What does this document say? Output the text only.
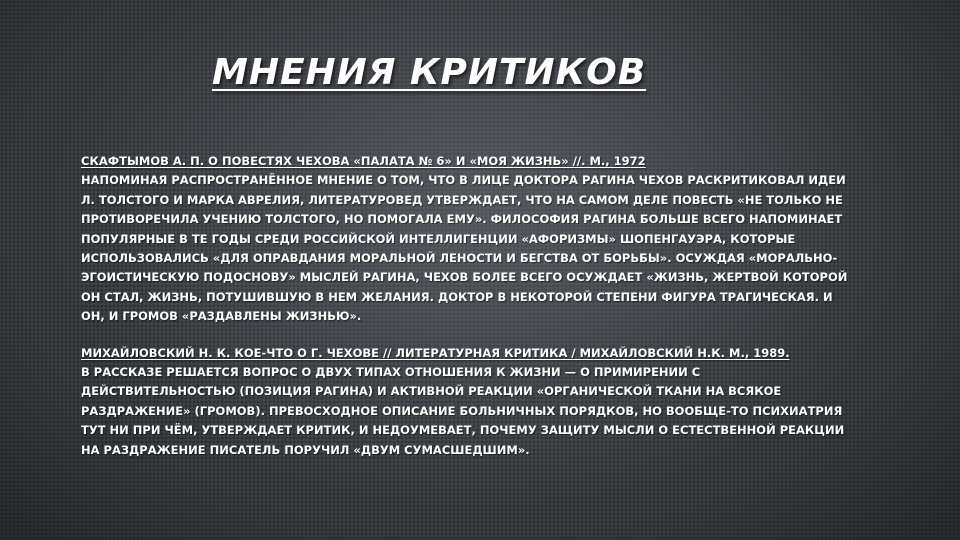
МНЕНИЯ КРИТИКОВ

СКАФТЫМОВ А. П. О ПОВЕСТЯХ ЧЕХОВА «ПАЛАТА № 6» И «МОЯ ЖИЗНЬ» //. М., 1972
НАПОМИНАЯ РАСПРОСТРАНЁННОЕ МНЕНИЕ О ТОМ, ЧТО В ЛИЦЕ ДОКТОРА РАГИНА ЧЕХОВ РАСКРИТИКОВАЛ ИДЕИ Л. ТОЛСТОГО И МАРКА АВРЕЛИЯ, ЛИТЕРАТУРОВЕД УТВЕРЖДАЕТ, ЧТО НА САМОМ ДЕЛЕ ПОВЕСТЬ «НЕ ТОЛЬКО НЕ ПРОТИВОРЕЧИЛА УЧЕНИЮ ТОЛСТОГО, НО ПОМОГАЛА ЕМУ». ФИЛОСОФИЯ РАГИНА БОЛЬШЕ ВСЕГО НАПОМИНАЕТ ПОПУЛЯРНЫЕ В ТЕ ГОДЫ СРЕДИ РОССИЙСКОЙ ИНТЕЛЛИГЕНЦИИ «АФОРИЗМЫ» ШОПЕНГАУЭРА, КОТОРЫЕ ИСПОЛЬЗОВАЛИСЬ «ДЛЯ ОПРАВДАНИЯ МОРАЛЬНОЙ ЛЕНОСТИ И БЕГСТВА ОТ БОРЬБЫ». ОСУЖДАЯ «МОРАЛЬНО-ЭГОИСТИЧЕСКУЮ ПОДОСНОВУ» МЫСЛЕЙ РАГИНА, ЧЕХОВ БОЛЕЕ ВСЕГО ОСУЖДАЕТ «ЖИЗНЬ, ЖЕРТВОЙ КОТОРОЙ ОН СТАЛ, ЖИЗНЬ, ПОТУШИВШУЮ В НЕМ ЖЕЛАНИЯ. ДОКТОР В НЕКОТОРОЙ СТЕПЕНИ ФИГУРА ТРАГИЧЕСКАЯ. И ОН, И ГРОМОВ «РАЗДАВЛЕНЫ ЖИЗНЬЮ».

МИХАЙЛОВСКИЙ Н. К. КОЕ-ЧТО О Г. ЧЕХОВЕ // ЛИТЕРАТУРНАЯ КРИТИКА / МИХАЙЛОВСКИЙ Н.К. М., 1989.
В РАССКАЗЕ РЕШАЕТСЯ ВОПРОС О ДВУХ ТИПАХ ОТНОШЕНИЯ К ЖИЗНИ — О ПРИМИРЕНИИ С ДЕЙСТВИТЕЛЬНОСТЬЮ (ПОЗИЦИЯ РАГИНА) И АКТИВНОЙ РЕАКЦИИ «ОРГАНИЧЕСКОЙ ТКАНИ НА ВСЯКОЕ РАЗДРАЖЕНИЕ» (ГРОМОВ). ПРЕВОСХОДНОЕ ОПИСАНИЕ БОЛЬНИЧНЫХ ПОРЯДКОВ, НО ВООБЩЕ-ТО ПСИХИАТРИЯ ТУТ НИ ПРИ ЧЁМ, УТВЕРЖДАЕТ КРИТИК, И НЕДОУМЕВАЕТ, ПОЧЕМУ ЗАЩИТУ МЫСЛИ О ЕСТЕСТВЕННОЙ РЕАКЦИИ НА РАЗДРАЖЕНИЕ ПИСАТЕЛЬ ПОРУЧИЛ «ДВУМ СУМАСШЕДШИМ».
